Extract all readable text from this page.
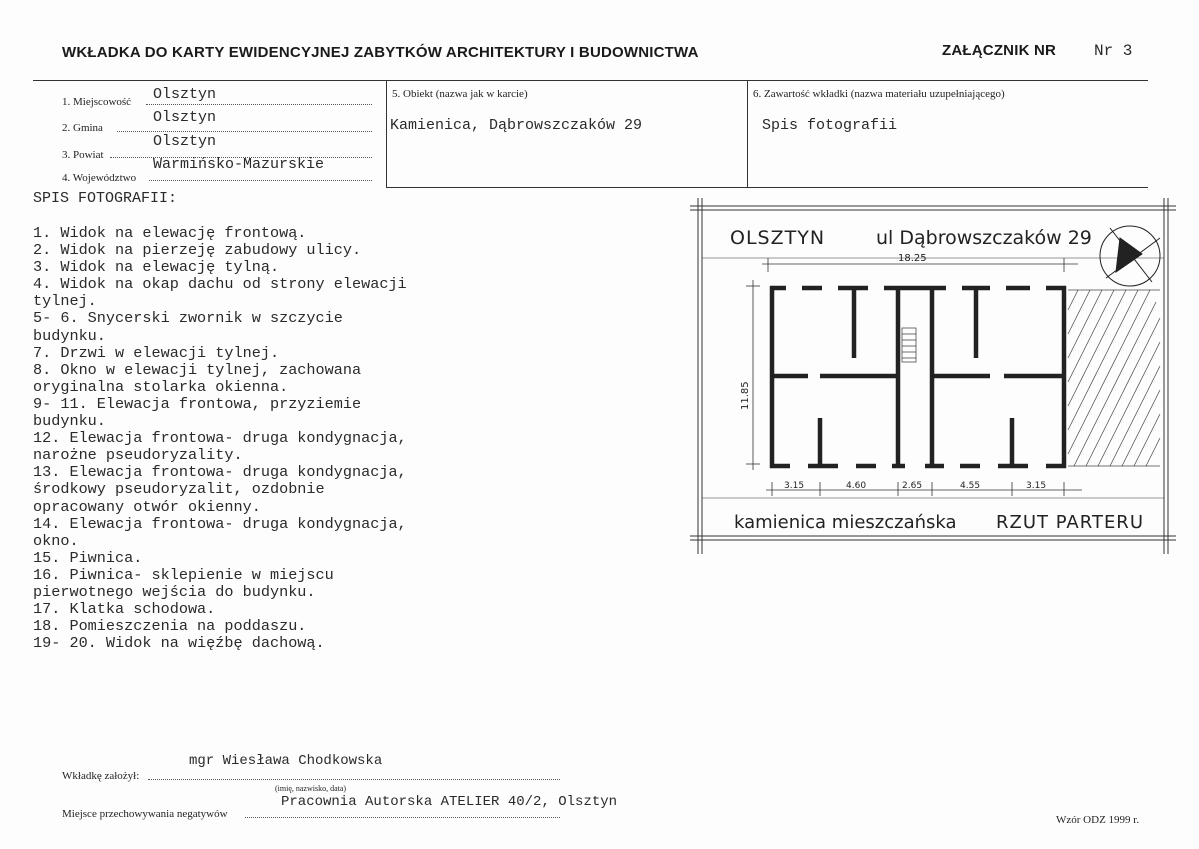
WKŁADKA DO KARTY EWIDENCYJNEJ ZABYTKÓW ARCHITEKTURY I BUDOWNICTWA	ZAŁĄCZNIK NR Nr 3
1. Miejscowość Olsztyn
2. Gmina
Olsztyn
3. Powiat
Olsztyn
4. Województwo
Warmińsko-Mazurskie
5. Obiekt (nazwa jak w karcie)
Kamienica, Dąbrowszczaków 29
6. Zawartość wkładki (nazwa materiału uzupełniającego)
Spis fotografii
SPIS FOTOGRAFII:
1. Widok na elewację frontową.
2. Widok na pierzeję zabudowy ulicy.
3. Widok na elewację tylną.
4. Widok na okap dachu od strony elewacji
tylnej.
5- 6. Snycerski zwornik w szczycie
budynku.
7. Drzwi w elewacji tylnej.
8. Okno w elewacji tylnej, zachowana
oryginalna stolarka okienna.
9- 11. Elewacja frontowa, przyziemie
budynku.
12. Elewacja frontowa- druga kondygnacja,
narożne pseudoryzality.
13. Elewacja frontowa- druga kondygnacja,
środkowy pseudoryzalit, ozdobnie
opracowany otwór okienny.
14. Elewacja frontowa- druga kondygnacja,
okno.
15. Piwnica.
16. Piwnica- sklepienie w miejscu
pierwotnego wejścia do budynku.
17. Klatka schodowa.
18. Pomieszczenia na poddaszu.
19- 20. Widok na więźbę dachową.
OLSZTYN	ul Dąbrowszczaków 29
18.25
11.85
3.15	4.60	2.65	4.55	3.15
kamienica mieszczańska RZUT PARTERU
mgr Wiesława Chodkowska
Wkładkę założył:
(imię, nazwisko, data)
Pracownia Autorska ATELIER 40/2, Olsztyn
Miejsce przechowywania negatywów	Wzór ODZ 1999 r.
